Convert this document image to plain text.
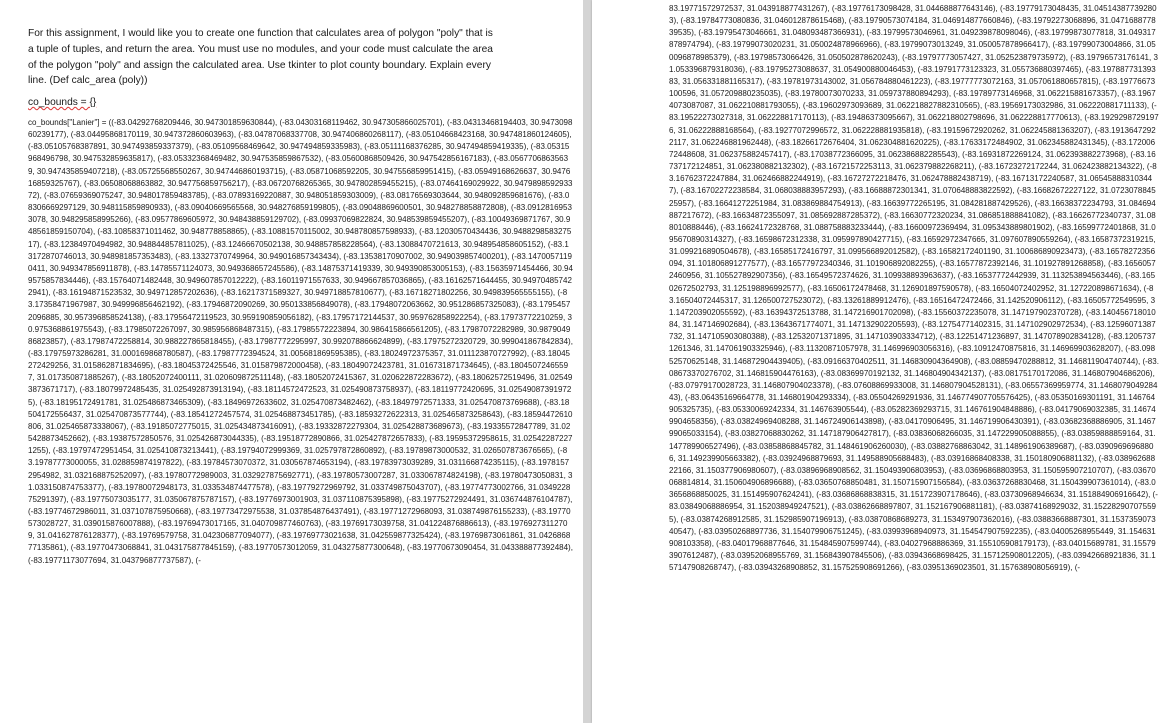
For this assignment, I would like you to create one function that calculates area of polygon "poly" that is
a tuple of tuples, and return the area. You must use no modules, and your code must calculate the area
of the polygon "poly" and assign the calculated area. Use tkinter to plot county boundary. Explain every
line. (Def calc_area (poly))
co_bounds = {}
co_bounds["Lanier"] = ((-83.04292768209446, 30.947301859630844), (-83.04303168119462, 30.947305866025701), (-83.04313468194403, 30.947309860239177), (-83.04495868170119, 30.947372860603963), (-83.04787068337708, 30.947406860268117), (-83.05104668423168, 30.947481860124605), (-83.05105768387891, 30.947493859337379), (-83.05109568469642, 30.947494859335983), (-83.05111168376285, 30.947494859419335), (-83.05315968496798, 30.947532859635817), (-83.05332368469482, 30.947535859867532), (-83.05600868509426, 30.947542856167183), (-83.05677068635639, 30.947435859407218), (-83.05725568550267, 30.947446860193715), (-83.05871068592205, 30.947556859951415), (-83.05949168626637, 30.947616859325767), (-83.06508068863882, 30.947756859756217), (-83.06720768265365, 30.947802859455215), (-83.07464169029922, 30.947989859293372), (-83.07659369075247, 30.948017859483785), (-83.07893169220887, 30.948051859303009), (-83.08176569303644, 30.948092859681676), (-83.08306669297129, 30.948115859890933), (-83.09040669565568, 30.948276859199805), (-83.09048869600501, 30.948278858872808), (-83.09128169533078, 30.948295858995266), (-83.09577869605972, 30.948438859129702), (-83.09937069822824, 30.948539859455207), (-83.10049369871767, 30.948561859150704), (-83.10858371011462, 30.948778858865), (-83.10881570115002, 30.948780857598933), (-83.12030570434436, 30.948829858327517), (-83.12384970494982, 30.948844857811025), (-83.12466670502138, 30.948857858228564), (-83.13088470721613, 30.948954858605152), (-83.13172870746013, 30.948981857353483), (-83.13327370749964, 30.949016857343434), (-83.13538170907002, 30.949039857400201), (-83.14700571190411, 30.949347856911878), (-83.14785571124073, 30.949368657245586), (-83.14875371419339, 30.949390853005153), (-83.15635971454466, 30.949575857834446), (-83.15764071482448, 30.949607857012222), (-83.16011971557633, 30.949667857036865), (-83.16162571644455, 30.949704857422941), (-83.16194871523532, 30.949712857202636), (-83.16217371589327, 30.949718857810677), (-83.16718271802256, 30.949839565555155), (-83.17358471967987, 30.949996856462192), (-83.17946872090269, 30.950133856849078), (-83.17948072063662, 30.951286857325083), (-83.17954572096885, 30.957396858524138), (-83.17956472119523, 30.959190859056182), (-83.17957172144537, 30.959762858922254), (-83.17973772210259, 30.975368861975543), (-83.17985072267097, 30.985956868487315), (-83.17985572223894, 30.986415866561205), (-83.17987072282989, 30.987904986823857), (-83.17987472258814, 30.988227865818455), (-83.17987772295997, 30.992078866624899), (-83.17975272320729, 30.999041867842834), (-83.17975973286281, 31.000169868780587), (-83.17987772394524, 31.005681869595385), (-83.18024972375357, 31.011123870727992), (-83.18045272429256, 31.015862871834695), (-83.18045372425546, 31.015879872000458), (-83.18049072423781, 31.016731871734645), (-83.18045072465597, 31.017350871885267), (-83.18052072400111, 31.020609872511148), (-83.18052072415367, 31.020622872283672), (-83.18062572519496, 31.025493873671717), (-83.18079972485435, 31.025492873913194), (-83.18114572472523, 31.025490873758937), (-83.18119772420695, 31.025490873919725), (-83.18195172491781, 31.025486873465309), (-83.18496972633602, 31.025470873482462), (-83.18497972571333, 31.025470873769688), (-83.18504172556437, 31.025470873577744), (-83.18541272457574, 31.025468873451785), (-83.18593272622313, 31.025465873258643), (-83.18594472610806, 31.025465873338067), (-83.19185072775015, 31.025434873416091), (-83.19332872279304, 31.025428873689673), (-83.19335572847789, 31.025428873452662), (-83.19387572850576, 31.025426873044335), (-83.19518772890866, 31.025427872657833), (-83.19595372958615, 31.025422872271255), (-83.19797472951454, 31.025410873213441), (-83.19794072999369, 31.025797872860892), (-83.19789873000532, 31.026507873676565), (-83.19787773000055, 31.028859874197822), (-83.19784573070372, 31.030567874653194), (-83.19783973039289, 31.031166874235115), (-83.19781572954982, 31.032168875252097), (-83.19780772989003, 31.032927875692771), (-83.19780573007287, 31.033067874824198), (-83.19780473050831, 31.033150874753377), (-83.19780072948173, 31.033534874477578), (-83.19779272969792, 31.033749875043707), (-83.19774773002766, 31.034922875291397), (-83.19775073035177, 31.035067875787157), (-83.19776973001903, 31.037110875395898), (-83.19775272924491, 31.036744876104787), (-83.19774672986011, 31.037107875950668), (-83.19773472975538, 31.037854876437491), (-83.19771272968093, 31.038749876155233), (-83.19770573028727, 31.039015876007888), (-83.19769473017165, 31.040709877460763), (-83.19769173039758, 31.041224876886613), (-83.19769273112709, 31.041627876128377), (-83.19769579758, 31.042306877094077), (-83.19769773021638, 31.042559877325424), (-83.19769873061861, 31.042686877135861), (-83.19770473068841, 31.043175877845159), (-83.19770573012059, 31.043275877300648), (-83.19770673090454, 31.043388877392484), (-83.19771173077694, 31.043796877737587), (-
83.19771572972537, 31.043918877431267), (-83.19776173098428, 31.044688877643146), (-83.19779173048435, 31.045143877392803), (-83.19784773080836, 31.046012878615468), (-83.19790573074184, 31.046914877660846), (-83.19792273068896, 31.047168877839535), (-83.19795473046661, 31.048093487366931), (-83.19799573046961, 31.049239878098046), (-83.19799873077818, 31.049317878974794), (-83.19799073020231, 31.050024878966966), (-83.19799073013249, 31.050057878966417), (-83.19799073004866, 31.050096878985379), (-83.19798573066426, 31.050502878620243), (-83.19797773057427, 31.052523879735972), (-83.19796573176141, 31.053396879318036), (-83.19795273088637, 31.054900880046453), (-83.19791773123323, 31.055736880397465), (-83.19788773139383, 31.056331881165317), (-83.19781973143002, 31.056784880461223), (-83.19777773072163, 31.057061880657815), (-83.19776673100596, 31.057209880235035), (-83.19780073070233, 31.059737880894293), (-83.19789773146968, 31.062215881673357), (-83.19674073087087, 31.062210881793055), (-83.19602973093689, 31.062218827882310565), (-83.19569173032986, 31.062220881711133), (-83.19522273027318, 31.062228817170113), (-83.19486373095667), 31.062218802798696, 31.062228817770613), (-83.19292987291976, 31.06222888168564), (-83.19277072996572, 31.062228881935818), (-83.19159672920262, 31.062245881363207), (-83.19136472922117, 31.062246881962448), (-83.18266172676404, 31.062304881620225), (-83.17633172484902, 31.062345882431345), (-83.17200672448608, 31.062375882457417), (-83.17038772366095, 31.062386882285543), (-83.16931872269124, 31.062393882273968), (-83.16737172124851, 31.062380882132302), (-83.16721572253113, 31.062379882268211), (-83.16723272172244, 31.062423882134322), (-83.16762372247884, 31.062466882244919), (-83.16727272218476, 31.062478882438719), (-83.16713172240587, 31.065458883103447), (-83.16702272238584, 31.068038883957293), (-83.16688872301341, 31.070648883822592), (-83.16682672227122, 31.072307884525957), (-83.16641272251984, 31.083869884754913), (-83.16639772265195, 31.084281887429526), (-83.16638372234793, 31.084694887217672), (-83.16634872355097, 31.085692887285372), (-83.16630772320234, 31.086851888841082), (-83.16626772340737, 31.088010888446), (-83.16624172328768, 31.088758883233444), (-83.16600972369494, 31.095343889801902), (-83.16599772401868, 31.095670890314327), (-83.16598672312338, 31.095997890427715), (-83.16592972347665, 31.097607890559264), (-83.16587372319215, 31.099216890504678), (-83.16585172416797, 31.099566892012582), (-83.16582172401190, 31.100686890923473), (-83.16578272356094, 31.101806891277577), (-83.16577972340346, 31.101906892082255), (-83.16577872392146, 31.101927891268858), (-83.16560572460956, 31.105527892907356), (-83.16549572374626, 31.109938893963637), (-83.16537772442939, 31.113253894563446), (-83.16502672502793, 31.125198896992577), (-83.16506172478468, 31.126901897590578), (-83.16504072402952, 31.127220898671634), (-83.16504072445317, 31.126500727523072), (-83.13261889912476), (-83.16516472472466, 31.142520906112), (-83.16505772549595, 31.147203902055592), (-83.16394372513788, 31.147216901702098), (-83.15560372235078, 31.147197902370728), (-83.14045671801084, 31.147146902684), (-83.13643671774071, 31.147132902205593), (-83.12754771402315, 31.147102902972534), (-83.12596071387732, 31.147105903080388), (-83.12532071371895, 31.147103903334712), (-83.12251471236897, 31.147078902834128), (-83.12057371261346, 31.147061903325946), (-83.11320871057978, 31.146996903056316), (-83.10912470875816, 31.146969903628207), (-83.09852570625148, 31.146872904439405), (-83.09166370402511, 31.146830904364908), (-83.08859470288812, 31.146811904740744), (-83.08673370276702, 31.146815904476163), (-83.08369970192132, 31.146804904342137), (-83.08175170172086, 31.146807904686206), (-83.07979170028723, 31.146807904023378), (-83.07608869933008, 31.146807904528131), (-83.06557369959774, 31.146807904928443), (-83.06435169664778, 31.146801904293334), (-83.05504269291936, 31.146774907705576425), (-83.05350169301191, 31.146764905325735), (-83.05330069242334, 31.146763905544), (-83.05282369293715, 31.146761904848886), (-83.04179069032385, 31.146749904658356), (-83.03824969408288, 31.146724906143898), (-83.04170906495, 31.146719906430391), (-83.03682368886905, 31.146799065033154), (-83.03827068830262, 31.147187906427817), (-83.03836068266035, 31.147229905088855), (-83.03859888859164, 31.147789906527496), (-83.03858868845782, 31.148461906260030), (-83.03882768863042, 31.148961906389687), (-83.03909696968806, 31.149239905663382), (-83.03924968879693, 31.149588905688483), (-83.03916868408338, 31.150180906881132), (-83.03896268822166, 31.150377906980607), (-83.03896968908562, 31.150493906803953), (-83.03696868803953, 31.150595907210707), (-83.03670068814814, 31.150604906896688), (-83.03650768850481, 31.150715907156584), (-83.03637268830468, 31.150439907361014), (-83.03656868850025, 31.151495907624241), (-83.03686868838315, 31.151723907178646), (-83.03730968946634, 31.151884906916642), (-83.03849068886954, 31.152038949247521), (-83.03862668897807, 31.152167906881181), (-83.03874168929032, 31.152282907075595), (-83.03874268912585, 31.152985907196913), (-83.03870868689273, 31.153497907362016), (-83.03883668887301, 31.153735907340547), (-83.03950268897736, 31.154079906751245), (-83.03993968940973, 31.154547907592235), (-83.04005268955449, 31.154631908103358), (-83.04017968877646, 31.154845907599744), (-83.04027968886369, 31.155105908179173), (-83.04015689781, 31.155793907612487), (-83.03952068955769, 31.156843907845506), (-83.03943668698425, 31.157125908012205), (-83.03942668921836, 31.157147908268747), (-83.03943268908852, 31.157525908691266), (-83.03951369023501, 31.157638908056919), (-
